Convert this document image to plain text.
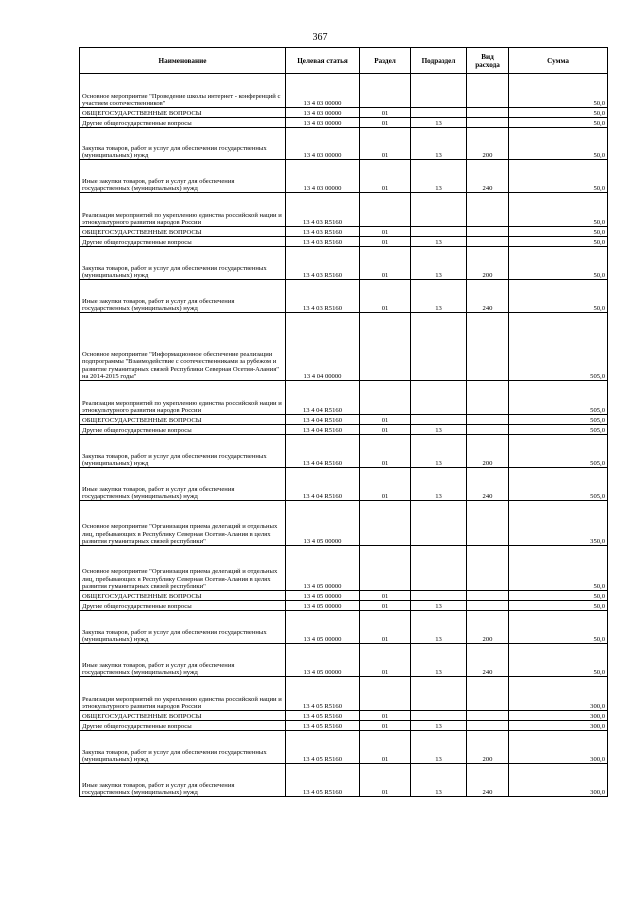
367
Наименование	Целевая статья	Раздел	Подраздел	Вид расхода	Сумма
Основное мероприятие "Проведение школы интернет - конференций с участием соотечественников"	13 4 03 00000				50,0
ОБЩЕГОСУДАРСТВЕННЫЕ ВОПРОСЫ	13 4 03 00000	01			50,0
Другие общегосударственные вопросы	13 4 03 00000	01	13		50,0
Закупка товаров, работ и услуг для обеспечения государственных (муниципальных) нужд	13 4 03 00000	01	13	200	50,0
Иные закупки товаров, работ и услуг для обеспечения государственных (муниципальных) нужд	13 4 03 00000	01	13	240	50,0
Реализация мероприятий по укреплению единства российской нации и этнокультурного развития народов России	13 4 03 R5160				50,0
ОБЩЕГОСУДАРСТВЕННЫЕ ВОПРОСЫ	13 4 03 R5160	01			50,0
Другие общегосударственные вопросы	13 4 03 R5160	01	13		50,0
Закупка товаров, работ и услуг для обеспечения государственных (муниципальных) нужд	13 4 03 R5160	01	13	200	50,0
Иные закупки товаров, работ и услуг для обеспечения государственных (муниципальных) нужд	13 4 03 R5160	01	13	240	50,0
Основное мероприятие "Информационное обеспечение реализации подпрограммы "Взаимодействие с соотечественниками за рубежом и развитие гуманитарных связей Республики Северная Осетия-Алания" на 2014-2015 годы"	13 4 04 00000				505,0
Реализация мероприятий по укреплению единства российской нации и этнокультурного развития народов России	13 4 04 R5160				505,0
ОБЩЕГОСУДАРСТВЕННЫЕ ВОПРОСЫ	13 4 04 R5160	01			505,0
Другие общегосударственные вопросы	13 4 04 R5160	01	13		505,0
Закупка товаров, работ и услуг для обеспечения государственных (муниципальных) нужд	13 4 04 R5160	01	13	200	505,0
Иные закупки товаров, работ и услуг для обеспечения государственных (муниципальных) нужд	13 4 04 R5160	01	13	240	505,0
Основное мероприятие "Организация приема делегаций и отдельных лиц, пребывающих в Республику Северная Осетия-Алания в целях развития гуманитарных связей республики"	13 4 05 00000				350,0
Основное мероприятие "Организация приема делегаций и отдельных лиц, пребывающих в Республику Северная Осетия-Алания в целях развития гуманитарных связей республики"	13 4 05 00000				50,0
ОБЩЕГОСУДАРСТВЕННЫЕ ВОПРОСЫ	13 4 05 00000	01			50,0
Другие общегосударственные вопросы	13 4 05 00000	01	13		50,0
Закупка товаров, работ и услуг для обеспечения государственных (муниципальных) нужд	13 4 05 00000	01	13	200	50,0
Иные закупки товаров, работ и услуг для обеспечения государственных (муниципальных) нужд	13 4 05 00000	01	13	240	50,0
Реализация мероприятий по укреплению единства российской нации и этнокультурного развития народов России	13 4 05 R5160				300,0
ОБЩЕГОСУДАРСТВЕННЫЕ ВОПРОСЫ	13 4 05 R5160	01			300,0
Другие общегосударственные вопросы	13 4 05 R5160	01	13		300,0
Закупка товаров, работ и услуг для обеспечения государственных (муниципальных) нужд	13 4 05 R5160	01	13	200	300,0
Иные закупки товаров, работ и услуг для обеспечения государственных (муниципальных) нужд	13 4 05 R5160	01	13	240	300,0
